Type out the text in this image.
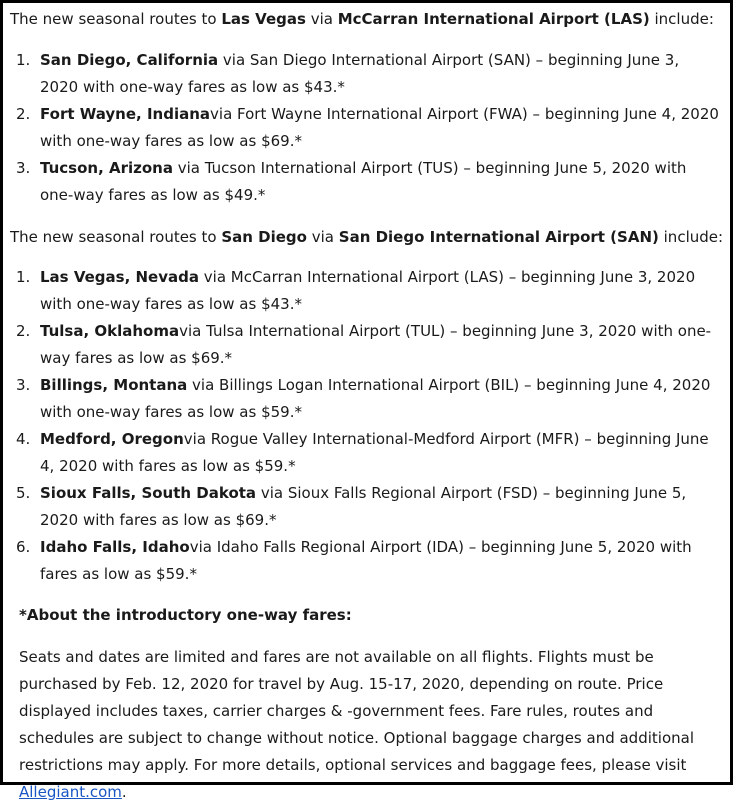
The new seasonal routes to Las Vegas via McCarran International Airport (LAS) include:
1. San Diego, California via San Diego International Airport (SAN) – beginning June 3, 2020 with one-way fares as low as $43.*
2. Fort Wayne, Indianavia Fort Wayne International Airport (FWA) – beginning June 4, 2020 with one-way fares as low as $69.*
3. Tucson, Arizona via Tucson International Airport (TUS) – beginning June 5, 2020 with one-way fares as low as $49.*
The new seasonal routes to San Diego via San Diego International Airport (SAN) include:
1. Las Vegas, Nevada via McCarran International Airport (LAS) – beginning June 3, 2020 with one-way fares as low as $43.*
2. Tulsa, Oklahomavia Tulsa International Airport (TUL) – beginning June 3, 2020 with one-way fares as low as $69.*
3. Billings, Montana via Billings Logan International Airport (BIL) – beginning June 4, 2020 with one-way fares as low as $59.*
4. Medford, Oregonvia Rogue Valley International-Medford Airport (MFR) – beginning June 4, 2020 with fares as low as $59.*
5. Sioux Falls, South Dakota via Sioux Falls Regional Airport (FSD) – beginning June 5, 2020 with fares as low as $69.*
6. Idaho Falls, Idahovia Idaho Falls Regional Airport (IDA) – beginning June 5, 2020 with fares as low as $59.*
*About the introductory one-way fares:
Seats and dates are limited and fares are not available on all flights. Flights must be purchased by Feb. 12, 2020 for travel by Aug. 15-17, 2020, depending on route. Price displayed includes taxes, carrier charges & -government fees. Fare rules, routes and schedules are subject to change without notice. Optional baggage charges and additional restrictions may apply. For more details, optional services and baggage fees, please visit Allegiant.com.
